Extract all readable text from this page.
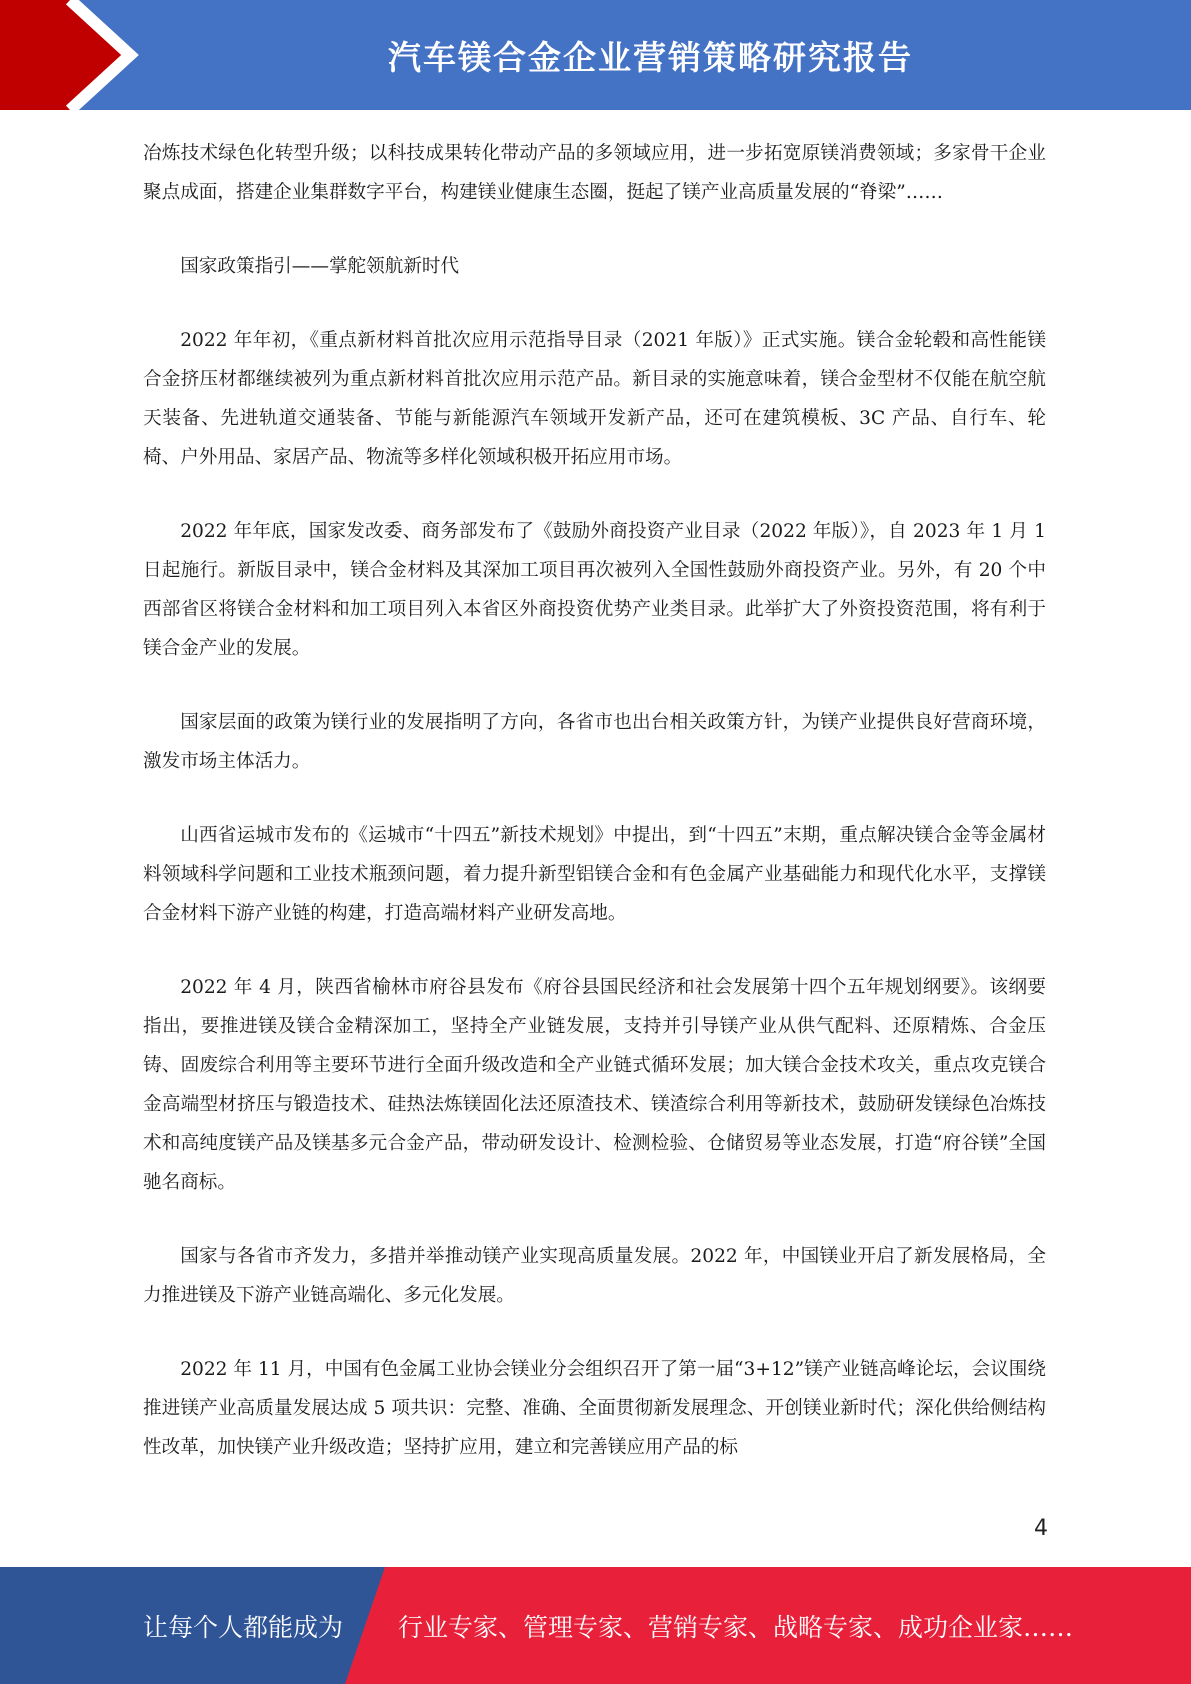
汽车镁合金企业营销策略研究报告

冶炼技术绿色化转型升级；以科技成果转化带动产品的多领域应用，进一步拓宽原镁消费领域；多家骨干企业聚点成面，搭建企业集群数字平台，构建镁业健康生态圈，挺起了镁产业高质量发展的“脊梁”……

国家政策指引——掌舵领航新时代

2022 年年初，《重点新材料首批次应用示范指导目录（2021 年版）》正式实施。镁合金轮毂和高性能镁合金挤压材都继续被列为重点新材料首批次应用示范产品。新目录的实施意味着，镁合金型材不仅能在航空航天装备、先进轨道交通装备、节能与新能源汽车领域开发新产品，还可在建筑模板、3C 产品、自行车、轮椅、户外用品、家居产品、物流等多样化领域积极开拓应用市场。

2022 年年底，国家发改委、商务部发布了《鼓励外商投资产业目录（2022 年版）》，自 2023 年 1 月 1 日起施行。新版目录中，镁合金材料及其深加工项目再次被列入全国性鼓励外商投资产业。另外，有 20 个中西部省区将镁合金材料和加工项目列入本省区外商投资优势产业类目录。此举扩大了外资投资范围，将有利于镁合金产业的发展。

国家层面的政策为镁行业的发展指明了方向，各省市也出台相关政策方针，为镁产业提供良好营商环境，激发市场主体活力。

山西省运城市发布的《运城市“十四五”新技术规划》中提出，到“十四五”末期，重点解决镁合金等金属材料领域科学问题和工业技术瓶颈问题，着力提升新型铝镁合金和有色金属产业基础能力和现代化水平，支撑镁合金材料下游产业链的构建，打造高端材料产业研发高地。

2022 年 4 月，陕西省榆林市府谷县发布《府谷县国民经济和社会发展第十四个五年规划纲要》。该纲要指出，要推进镁及镁合金精深加工，坚持全产业链发展，支持并引导镁产业从供气配料、还原精炼、合金压铸、固废综合利用等主要环节进行全面升级改造和全产业链式循环发展；加大镁合金技术攻关，重点攻克镁合金高端型材挤压与锻造技术、硅热法炼镁固化法还原渣技术、镁渣综合利用等新技术，鼓励研发镁绿色冶炼技术和高纯度镁产品及镁基多元合金产品，带动研发设计、检测检验、仓储贸易等业态发展，打造“府谷镁”全国驰名商标。

国家与各省市齐发力，多措并举推动镁产业实现高质量发展。2022 年，中国镁业开启了新发展格局，全力推进镁及下游产业链高端化、多元化发展。

2022 年 11 月，中国有色金属工业协会镁业分会组织召开了第一届“3+12”镁产业链高峰论坛，会议围绕推进镁产业高质量发展达成 5 项共识：完整、准确、全面贯彻新发展理念、开创镁业新时代；深化供给侧结构性改革，加快镁产业升级改造；坚持扩应用，建立和完善镁应用产品的标

4
让每个人都能成为 行业专家、管理专家、营销专家、战略专家、成功企业家……
